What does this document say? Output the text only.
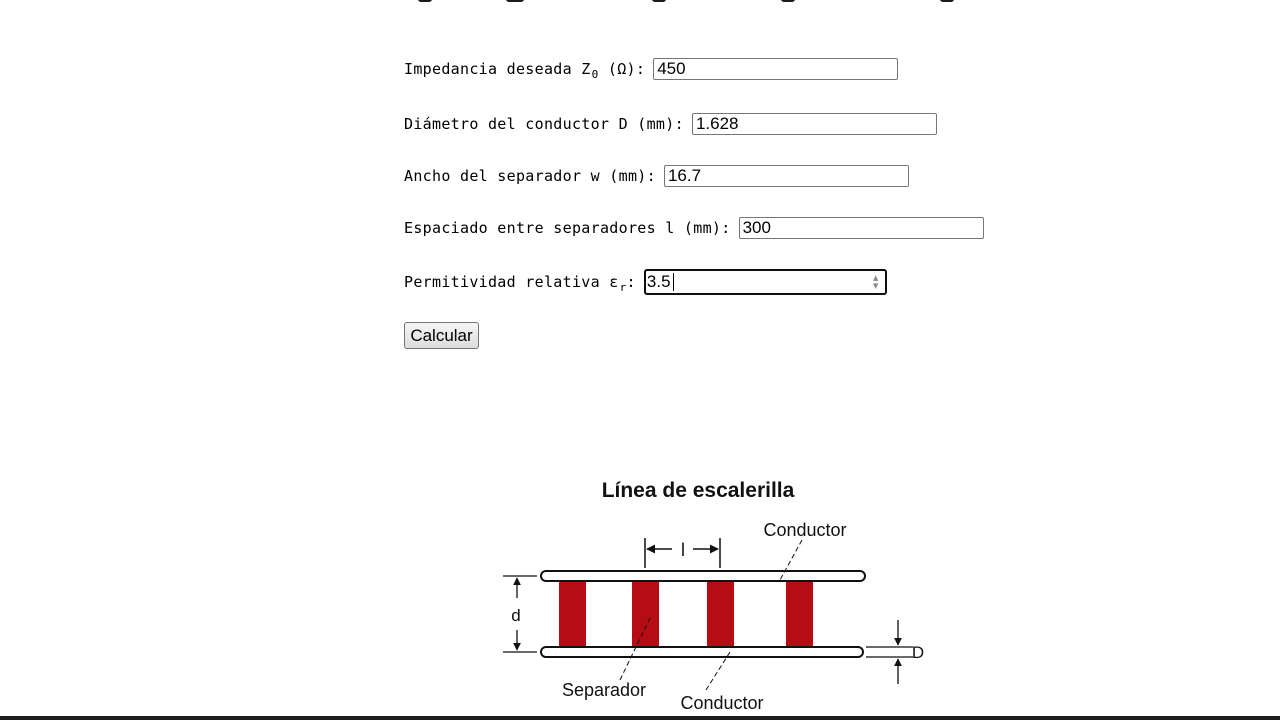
Impedancia deseada $Z_0$ (Ω):
450
Diámetro del conductor D (mm):
1.628
Ancho del separador w (mm):
16.7
Espaciado entre separadores l (mm):
300
Permitividad relativa $\varepsilon_r$:
3.5	▲
▼
Calcular
Línea de escalerilla
l
d
D
Conductor
Separador
Conductor
